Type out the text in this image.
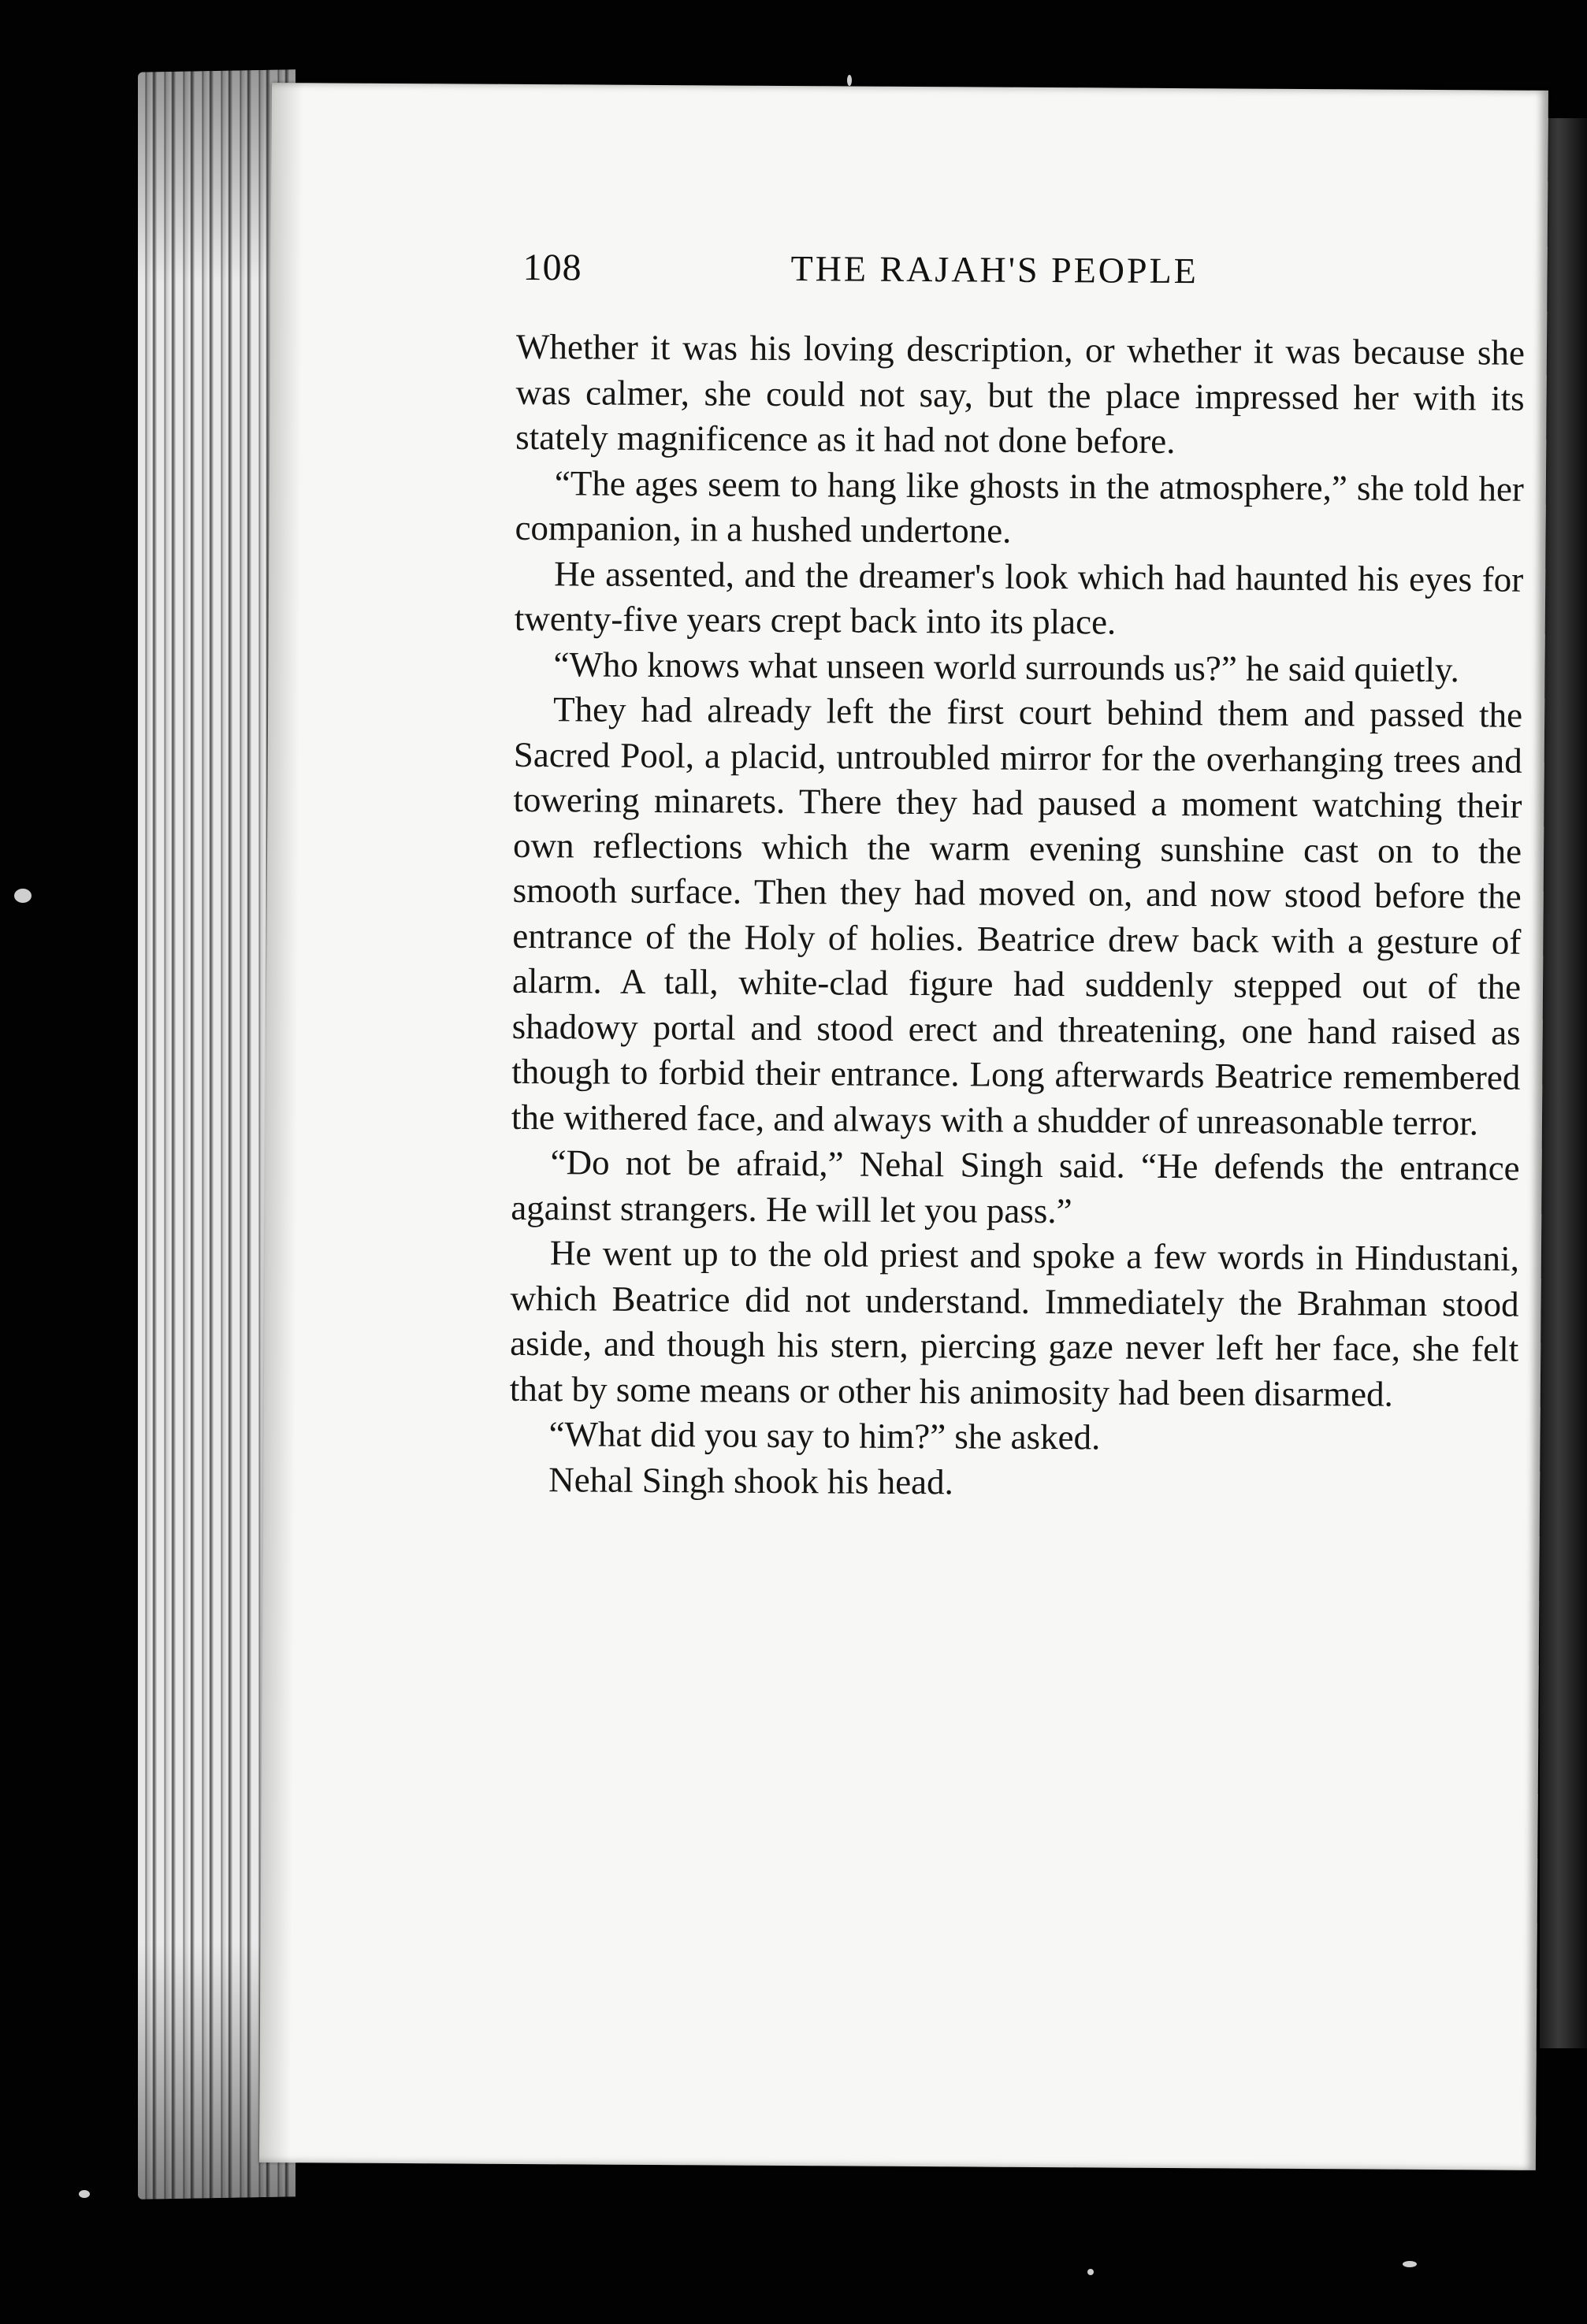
108	THE RAJAH'S PEOPLE

Whether it was his loving description, or whether it was because she was calmer, she could not say, but the place impressed her with its stately magnificence as it had not done before.

“The ages seem to hang like ghosts in the atmosphere,” she told her companion, in a hushed undertone.

He assented, and the dreamer's look which had haunted his eyes for twenty-five years crept back into its place.

“Who knows what unseen world surrounds us?” he said quietly.

They had already left the first court behind them and passed the Sacred Pool, a placid, untroubled mirror for the overhanging trees and towering minarets. There they had paused a moment watching their own reflections which the warm evening sunshine cast on to the smooth surface. Then they had moved on, and now stood before the entrance of the Holy of holies. Beatrice drew back with a gesture of alarm. A tall, white-clad figure had suddenly stepped out of the shadowy portal and stood erect and threatening, one hand raised as though to forbid their entrance. Long afterwards Beatrice remembered the withered face, and always with a shudder of unreasonable terror.

“Do not be afraid,” Nehal Singh said. “He defends the entrance against strangers. He will let you pass.”

He went up to the old priest and spoke a few words in Hindustani, which Beatrice did not understand. Immediately the Brahman stood aside, and though his stern, piercing gaze never left her face, she felt that by some means or other his animosity had been disarmed.

“What did you say to him?” she asked.

Nehal Singh shook his head.
